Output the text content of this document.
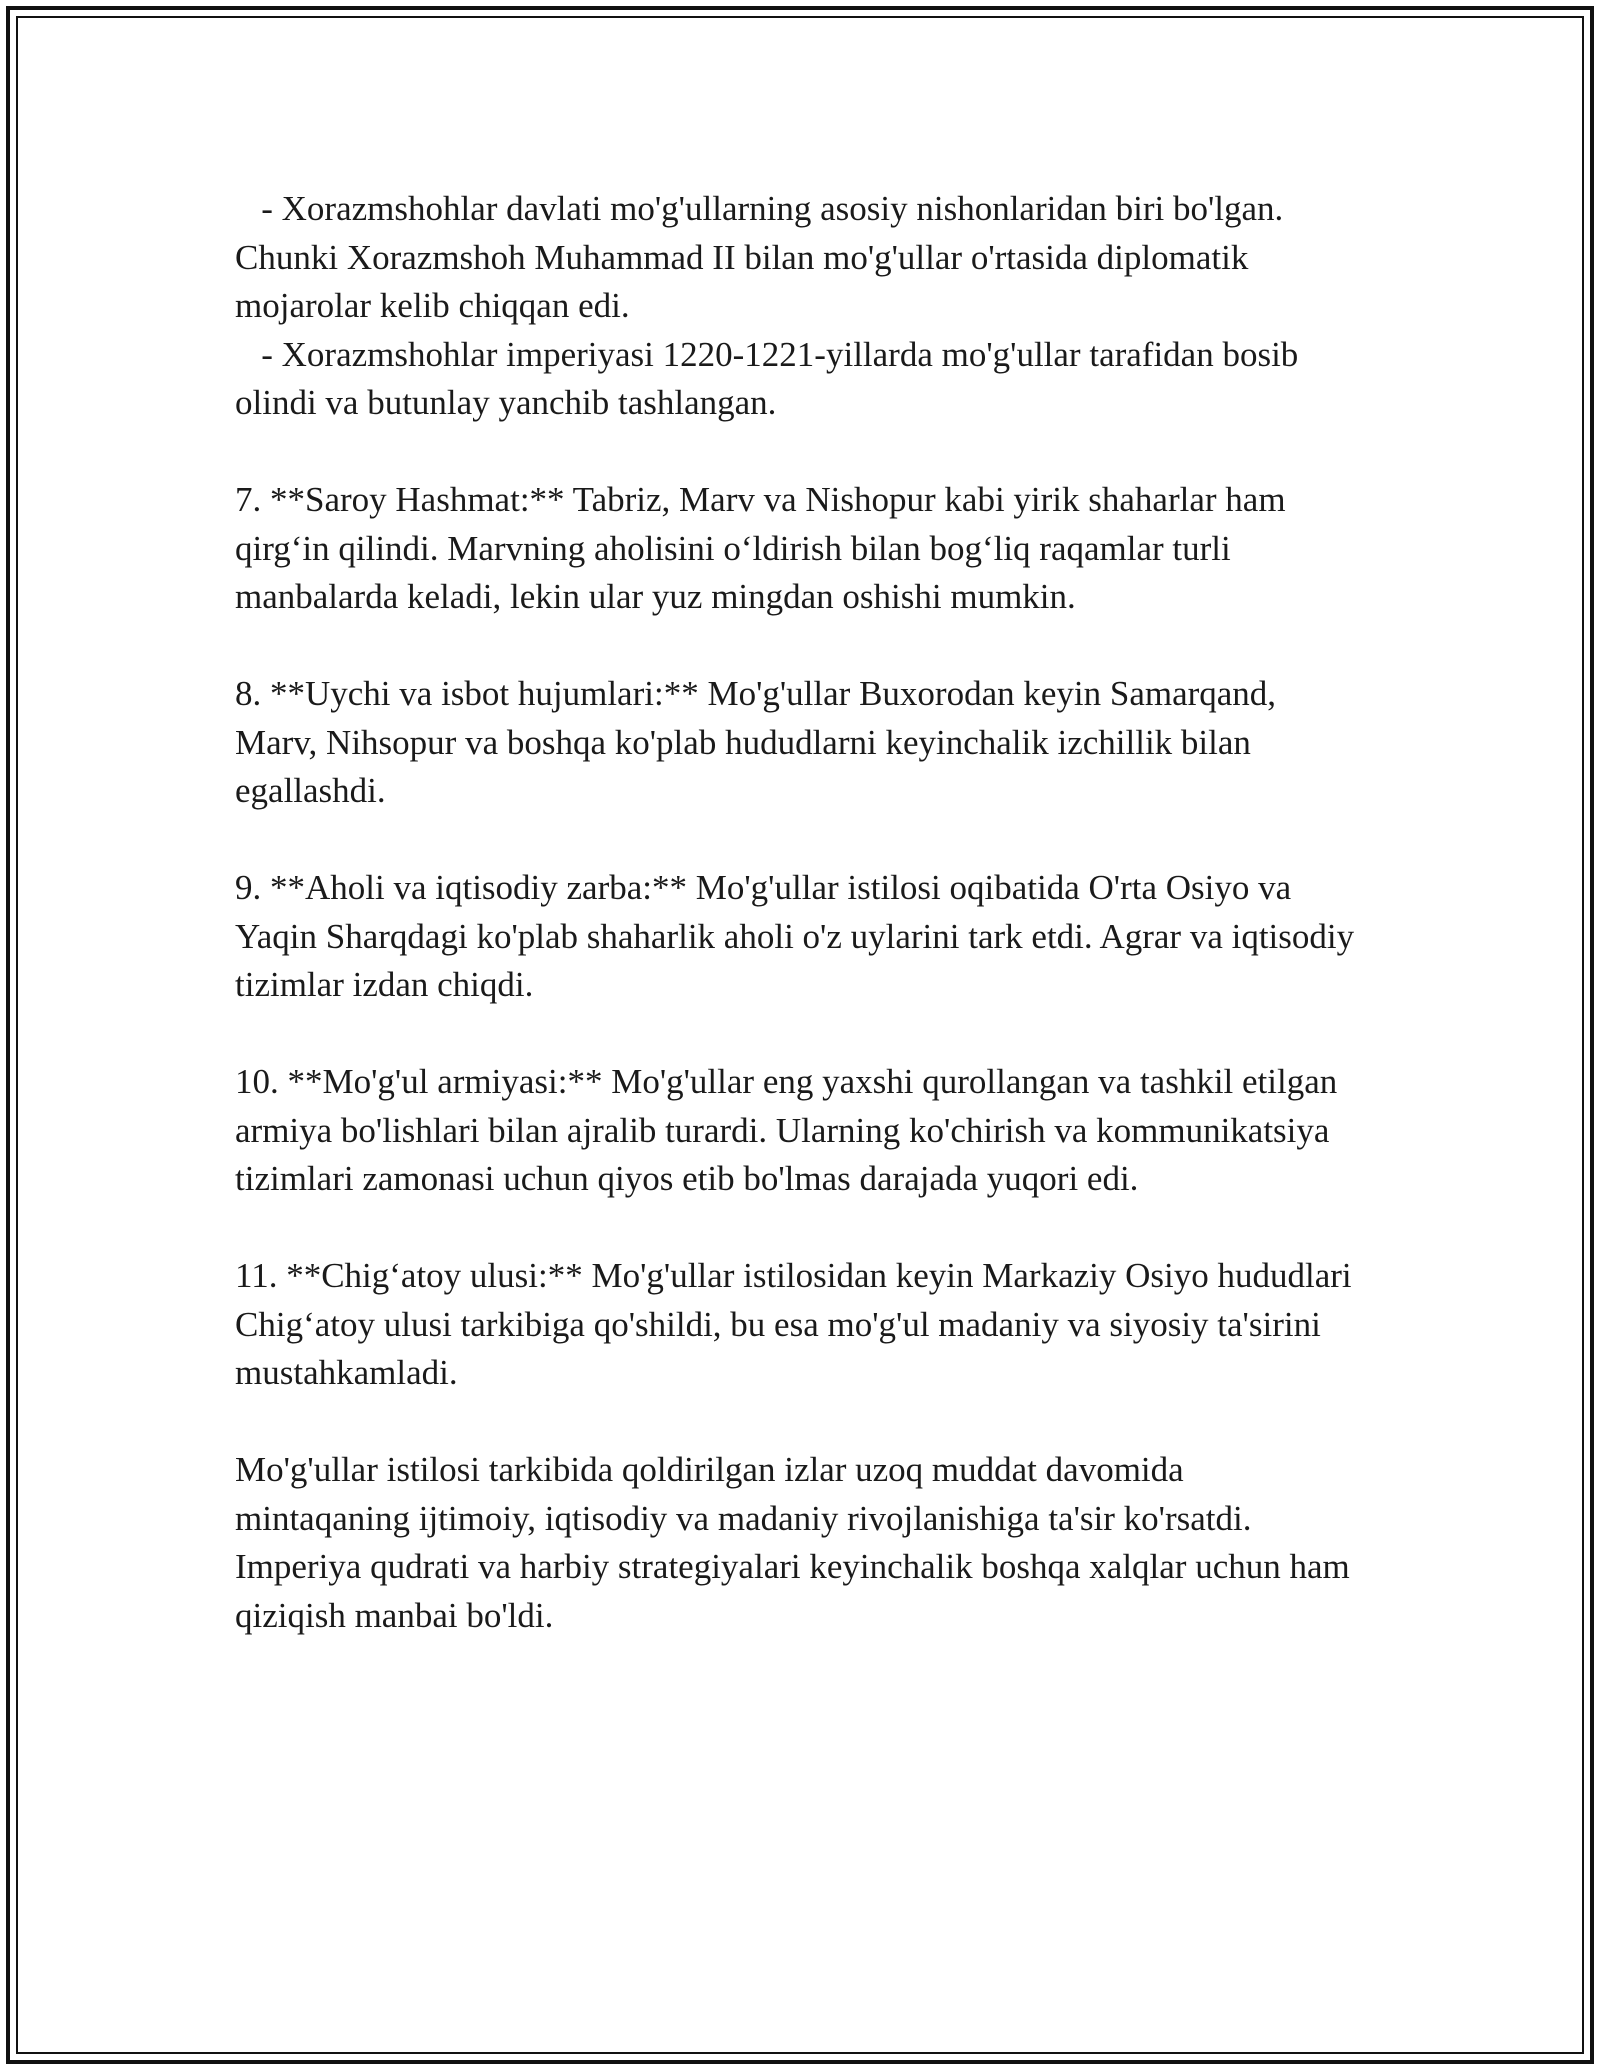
- Xorazmshohlar davlati mo'g'ullarning asosiy nishonlaridan biri bo'lgan. Chunki Xorazmshoh Muhammad II bilan mo'g'ullar o'rtasida diplomatik mojarolar kelib chiqqan edi.

- Xorazmshohlar imperiyasi 1220-1221-yillarda mo'g'ullar tarafidan bosib olindi va butunlay yanchib tashlangan.

7. **Saroy Hashmat:** Tabriz, Marv va Nishopur kabi yirik shaharlar ham qirg‘in qilindi. Marvning aholisini o‘ldirish bilan bog‘liq raqamlar turli manbalarda keladi, lekin ular yuz mingdan oshishi mumkin.

8. **Uychi va isbot hujumlari:** Mo'g'ullar Buxorodan keyin Samarqand, Marv, Nihsopur va boshqa ko'plab hududlarni keyinchalik izchillik bilan egallashdi.

9. **Aholi va iqtisodiy zarba:** Mo'g'ullar istilosi oqibatida O'rta Osiyo va Yaqin Sharqdagi ko'plab shaharlik aholi o'z uylarini tark etdi. Agrar va iqtisodiy tizimlar izdan chiqdi.

10. **Mo'g'ul armiyasi:** Mo'g'ullar eng yaxshi qurollangan va tashkil etilgan armiya bo'lishlari bilan ajralib turardi. Ularning ko'chirish va kommunikatsiya tizimlari zamonasi uchun qiyos etib bo'lmas darajada yuqori edi.

11. **Chig‘atoy ulusi:** Mo'g'ullar istilosidan keyin Markaziy Osiyo hududlari Chig‘atoy ulusi tarkibiga qo'shildi, bu esa mo'g'ul madaniy va siyosiy ta'sirini mustahkamladi.

Mo'g'ullar istilosi tarkibida qoldirilgan izlar uzoq muddat davomida mintaqaning ijtimoiy, iqtisodiy va madaniy rivojlanishiga ta'sir ko'rsatdi. Imperiya qudrati va harbiy strategiyalari keyinchalik boshqa xalqlar uchun ham qiziqish manbai bo'ldi.
